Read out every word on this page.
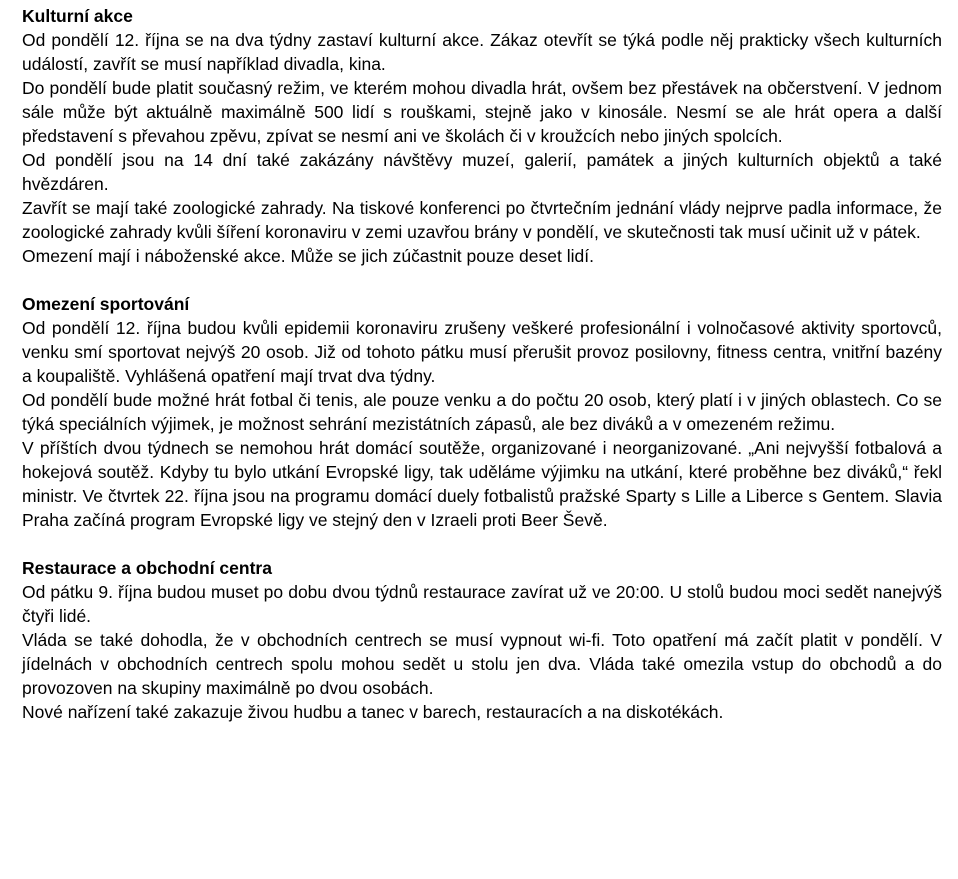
Kulturní akce
Od pondělí 12. října se na dva týdny zastaví kulturní akce. Zákaz otevřít se týká podle něj prakticky všech kulturních událostí, zavřít se musí například divadla, kina.
Do pondělí bude platit současný režim, ve kterém mohou divadla hrát, ovšem bez přestávek na občerstvení. V jednom sále může být aktuálně maximálně 500 lidí s rouškami, stejně jako v kinosále. Nesmí se ale hrát opera a další představení s převahou zpěvu, zpívat se nesmí ani ve školách či v kroužcích nebo jiných spolcích.
Od pondělí jsou na 14 dní také zakázány návštěvy muzeí, galerií, památek a jiných kulturních objektů a také hvězdáren.
Zavřít se mají také zoologické zahrady. Na tiskové konferenci po čtvrtečním jednání vlády nejprve padla informace, že zoologické zahrady kvůli šíření koronaviru v zemi uzavřou brány v pondělí, ve skutečnosti tak musí učinit už v pátek.
Omezení mají i náboženské akce. Může se jich zúčastnit pouze deset lidí.
Omezení sportování
Od pondělí 12. října budou kvůli epidemii koronaviru zrušeny veškeré profesionální i volnočasové aktivity sportovců, venku smí sportovat nejvýš 20 osob. Již od tohoto pátku musí přerušit provoz posilovny, fitness centra, vnitřní bazény a koupaliště. Vyhlášená opatření mají trvat dva týdny.
Od pondělí bude možné hrát fotbal či tenis, ale pouze venku a do počtu 20 osob, který platí i v jiných oblastech. Co se týká speciálních výjimek, je možnost sehrání mezistátních zápasů, ale bez diváků a v omezeném režimu.
V příštích dvou týdnech se nemohou hrát domácí soutěže, organizované i neorganizované. „Ani nejvyšší fotbalová a hokejová soutěž. Kdyby tu bylo utkání Evropské ligy, tak uděláme výjimku na utkání, které proběhne bez diváků,“ řekl ministr. Ve čtvrtek 22. října jsou na programu domácí duely fotbalistů pražské Sparty s Lille a Liberce s Gentem. Slavia Praha začíná program Evropské ligy ve stejný den v Izraeli proti Beer Ševě.
Restaurace a obchodní centra
Od pátku 9. října budou muset po dobu dvou týdnů restaurace zavírat už ve 20:00. U stolů budou moci sedět nanejvýš čtyři lidé.
Vláda se také dohodla, že v obchodních centrech se musí vypnout wi-fi. Toto opatření má začít platit v pondělí. V jídelnách v obchodních centrech spolu mohou sedět u stolu jen dva. Vláda také omezila vstup do obchodů a do provozoven na skupiny maximálně po dvou osobách.
Nové nařízení také zakazuje živou hudbu a tanec v barech, restauracích a na diskotékách.
